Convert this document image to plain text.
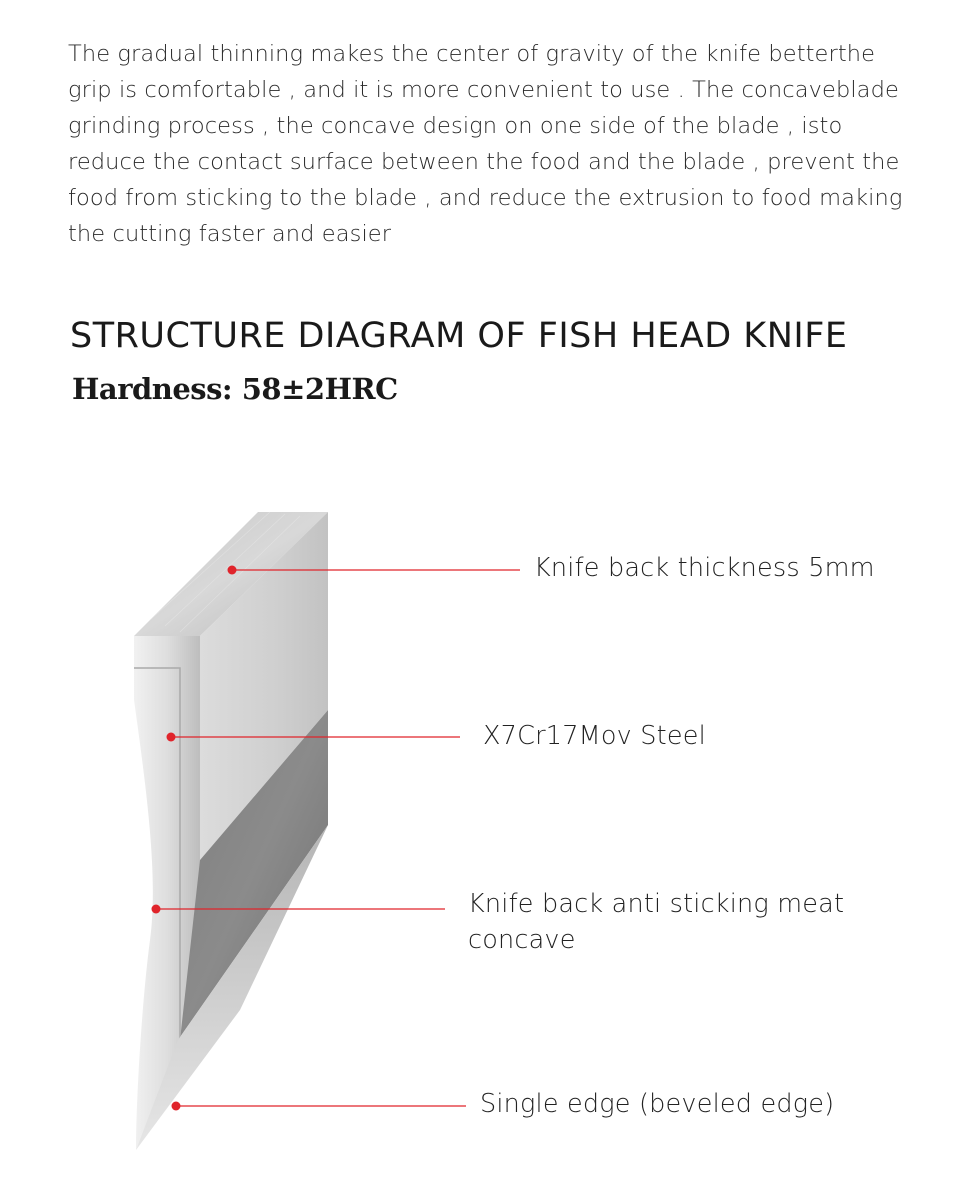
The gradual thinning makes the center of gravity of the knife betterthe grip is comfortable , and it is more convenient to use . The concaveblade grinding process , the concave design on one side of the blade , isto reduce the contact surface between the food and the blade , prevent the food from sticking to the blade , and reduce the extrusion to food making the cutting faster and easier

STRUCTURE DIAGRAM OF FISH HEAD KNIFE
Hardness: 58±2HRC
Knife back thickness 5mm
X7Cr17Mov Steel
Knife back anti sticking meat concave
Single edge (beveled edge)
